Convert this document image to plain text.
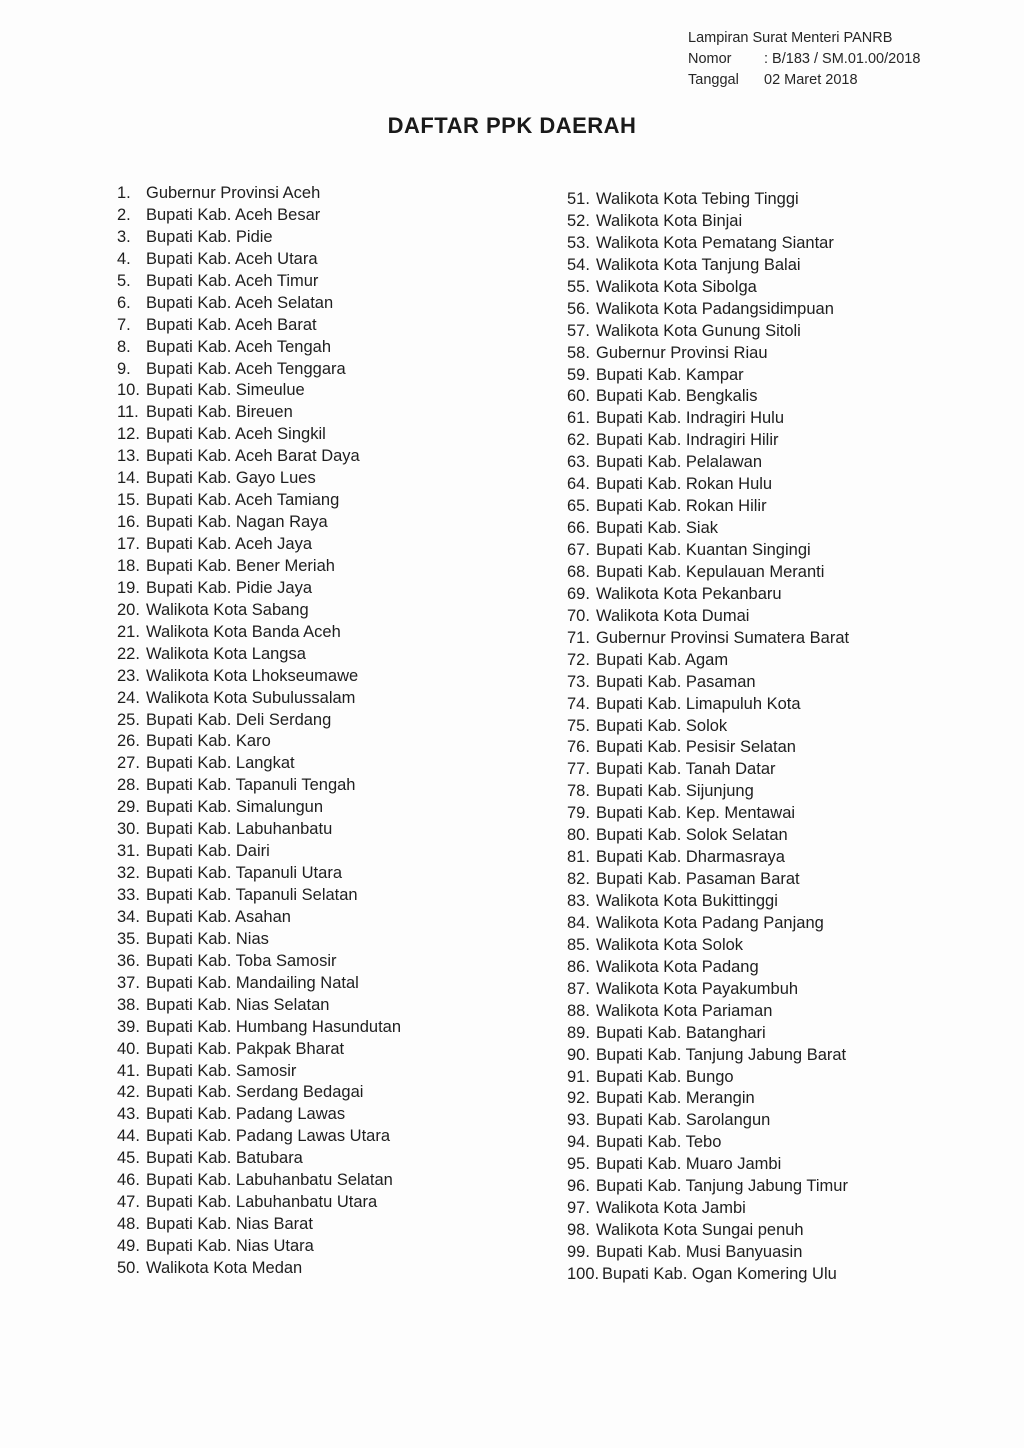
Lampiran Surat Menteri PANRB
Nomor : B/183 / SM.01.00/2018
Tanggal 02 Maret 2018
DAFTAR PPK DAERAH
1. Gubernur Provinsi Aceh
2. Bupati Kab. Aceh Besar
3. Bupati Kab. Pidie
4. Bupati Kab. Aceh Utara
5. Bupati Kab. Aceh Timur
6. Bupati Kab. Aceh Selatan
7. Bupati Kab. Aceh Barat
8. Bupati Kab. Aceh Tengah
9. Bupati Kab. Aceh Tenggara
10. Bupati Kab. Simeulue
11. Bupati Kab. Bireuen
12. Bupati Kab. Aceh Singkil
13. Bupati Kab. Aceh Barat Daya
14. Bupati Kab. Gayo Lues
15. Bupati Kab. Aceh Tamiang
16. Bupati Kab. Nagan Raya
17. Bupati Kab. Aceh Jaya
18. Bupati Kab. Bener Meriah
19. Bupati Kab. Pidie Jaya
20. Walikota Kota Sabang
21. Walikota Kota Banda Aceh
22. Walikota Kota Langsa
23. Walikota Kota Lhokseumawe
24. Walikota Kota Subulussalam
25. Bupati Kab. Deli Serdang
26. Bupati Kab. Karo
27. Bupati Kab. Langkat
28. Bupati Kab. Tapanuli Tengah
29. Bupati Kab. Simalungun
30. Bupati Kab. Labuhanbatu
31. Bupati Kab. Dairi
32. Bupati Kab. Tapanuli Utara
33. Bupati Kab. Tapanuli Selatan
34. Bupati Kab. Asahan
35. Bupati Kab. Nias
36. Bupati Kab. Toba Samosir
37. Bupati Kab. Mandailing Natal
38. Bupati Kab. Nias Selatan
39. Bupati Kab. Humbang Hasundutan
40. Bupati Kab. Pakpak Bharat
41. Bupati Kab. Samosir
42. Bupati Kab. Serdang Bedagai
43. Bupati Kab. Padang Lawas
44. Bupati Kab. Padang Lawas Utara
45. Bupati Kab. Batubara
46. Bupati Kab. Labuhanbatu Selatan
47. Bupati Kab. Labuhanbatu Utara
48. Bupati Kab. Nias Barat
49. Bupati Kab. Nias Utara
50. Walikota Kota Medan
51. Walikota Kota Tebing Tinggi
52. Walikota Kota Binjai
53. Walikota Kota Pematang Siantar
54. Walikota Kota Tanjung Balai
55. Walikota Kota Sibolga
56. Walikota Kota Padangsidimpuan
57. Walikota Kota Gunung Sitoli
58. Gubernur Provinsi Riau
59. Bupati Kab. Kampar
60. Bupati Kab. Bengkalis
61. Bupati Kab. Indragiri Hulu
62. Bupati Kab. Indragiri Hilir
63. Bupati Kab. Pelalawan
64. Bupati Kab. Rokan Hulu
65. Bupati Kab. Rokan Hilir
66. Bupati Kab. Siak
67. Bupati Kab. Kuantan Singingi
68. Bupati Kab. Kepulauan Meranti
69. Walikota Kota Pekanbaru
70. Walikota Kota Dumai
71. Gubernur Provinsi Sumatera Barat
72. Bupati Kab. Agam
73. Bupati Kab. Pasaman
74. Bupati Kab. Limapuluh Kota
75. Bupati Kab. Solok
76. Bupati Kab. Pesisir Selatan
77. Bupati Kab. Tanah Datar
78. Bupati Kab. Sijunjung
79. Bupati Kab. Kep. Mentawai
80. Bupati Kab. Solok Selatan
81. Bupati Kab. Dharmasraya
82. Bupati Kab. Pasaman Barat
83. Walikota Kota Bukittinggi
84. Walikota Kota Padang Panjang
85. Walikota Kota Solok
86. Walikota Kota Padang
87. Walikota Kota Payakumbuh
88. Walikota Kota Pariaman
89. Bupati Kab. Batanghari
90. Bupati Kab. Tanjung Jabung Barat
91. Bupati Kab. Bungo
92. Bupati Kab. Merangin
93. Bupati Kab. Sarolangun
94. Bupati Kab. Tebo
95. Bupati Kab. Muaro Jambi
96. Bupati Kab. Tanjung Jabung Timur
97. Walikota Kota Jambi
98. Walikota Kota Sungai penuh
99. Bupati Kab. Musi Banyuasin
100. Bupati Kab. Ogan Komering Ulu
